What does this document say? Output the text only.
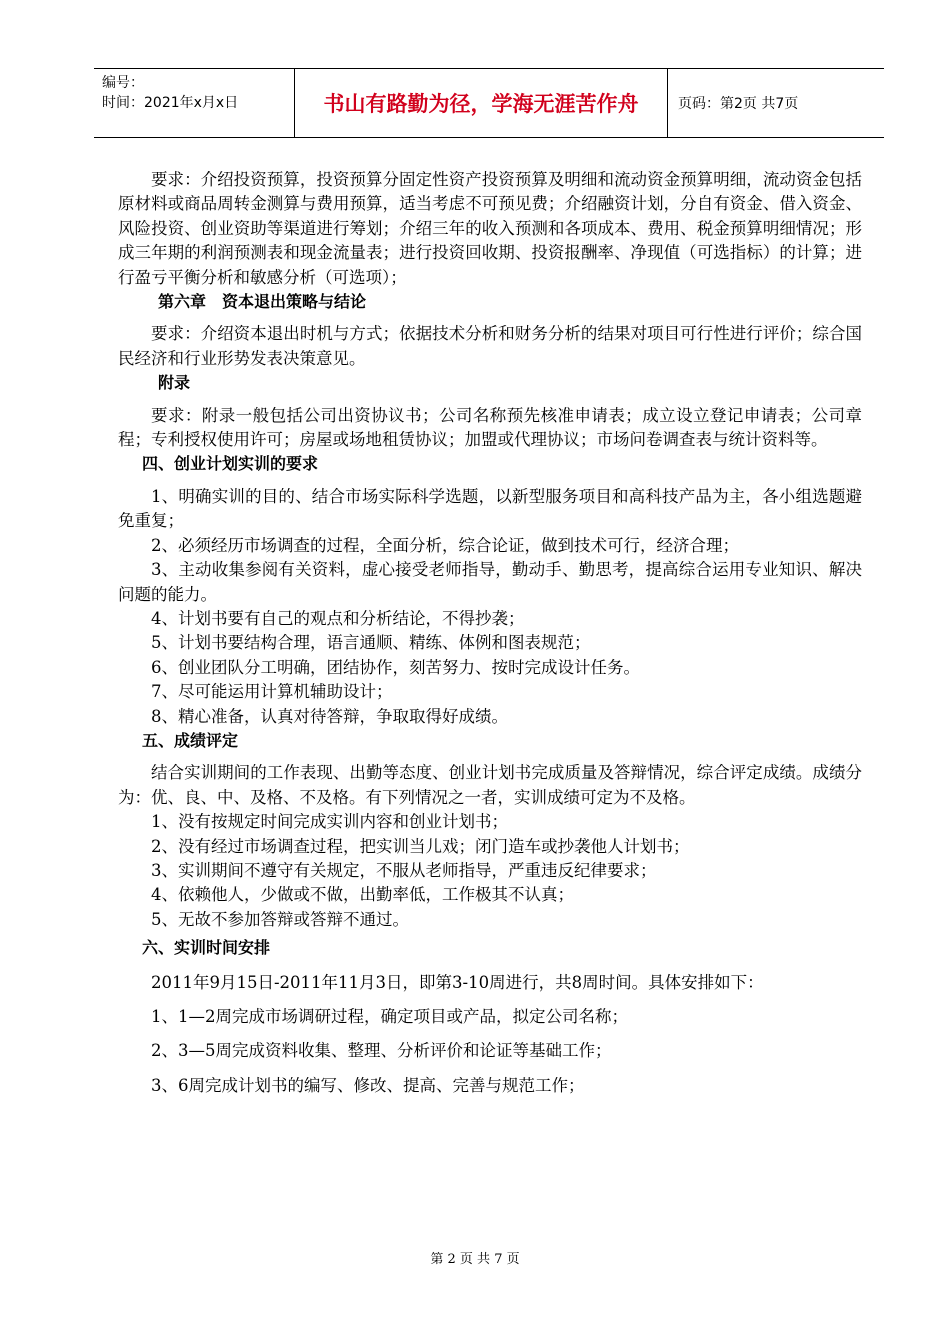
编号：
时间：2021年x月x日	书山有路勤为径，学海无涯苦作舟	页码：第2页 共7页

要求：介绍投资预算，投资预算分固定性资产投资预算及明细和流动资金预算明细，流动资金包括原材料或商品周转金测算与费用预算，适当考虑不可预见费；介绍融资计划，分自有资金、借入资金、风险投资、创业资助等渠道进行筹划；介绍三年的收入预测和各项成本、费用、税金预算明细情况；形成三年期的利润预测表和现金流量表；进行投资回收期、投资报酬率、净现值（可选指标）的计算；进行盈亏平衡分析和敏感分析（可选项）；

第六章　资本退出策略与结论

要求：介绍资本退出时机与方式；依据技术分析和财务分析的结果对项目可行性进行评价；综合国民经济和行业形势发表决策意见。

附录

要求：附录一般包括公司出资协议书；公司名称预先核准申请表；成立设立登记申请表；公司章程；专利授权使用许可；房屋或场地租赁协议；加盟或代理协议；市场问卷调查表与统计资料等。

四、创业计划实训的要求

1、明确实训的目的、结合市场实际科学选题，以新型服务项目和高科技产品为主，各小组选题避免重复；

2、必须经历市场调查的过程，全面分析，综合论证，做到技术可行，经济合理；

3、主动收集参阅有关资料，虚心接受老师指导，勤动手、勤思考，提高综合运用专业知识、解决问题的能力。

4、计划书要有自己的观点和分析结论，不得抄袭；

5、计划书要结构合理，语言通顺、精练、体例和图表规范；

6、创业团队分工明确，团结协作，刻苦努力、按时完成设计任务。

7、尽可能运用计算机辅助设计；

8、精心准备，认真对待答辩，争取取得好成绩。

五、成绩评定

结合实训期间的工作表现、出勤等态度、创业计划书完成质量及答辩情况，综合评定成绩。成绩分为：优、良、中、及格、不及格。有下列情况之一者，实训成绩可定为不及格。

1、没有按规定时间完成实训内容和创业计划书；

2、没有经过市场调查过程，把实训当儿戏；闭门造车或抄袭他人计划书；

3、实训期间不遵守有关规定，不服从老师指导，严重违反纪律要求；

4、依赖他人，少做或不做，出勤率低，工作极其不认真；

5、无故不参加答辩或答辩不通过。

六、实训时间安排

2011年9月15日-2011年11月3日，即第3-10周进行，共8周时间。具体安排如下：

1、1—2周完成市场调研过程，确定项目或产品，拟定公司名称；

2、3—5周完成资料收集、整理、分析评价和论证等基础工作；

3、6周完成计划书的编写、修改、提高、完善与规范工作；

第 2 页 共 7 页
